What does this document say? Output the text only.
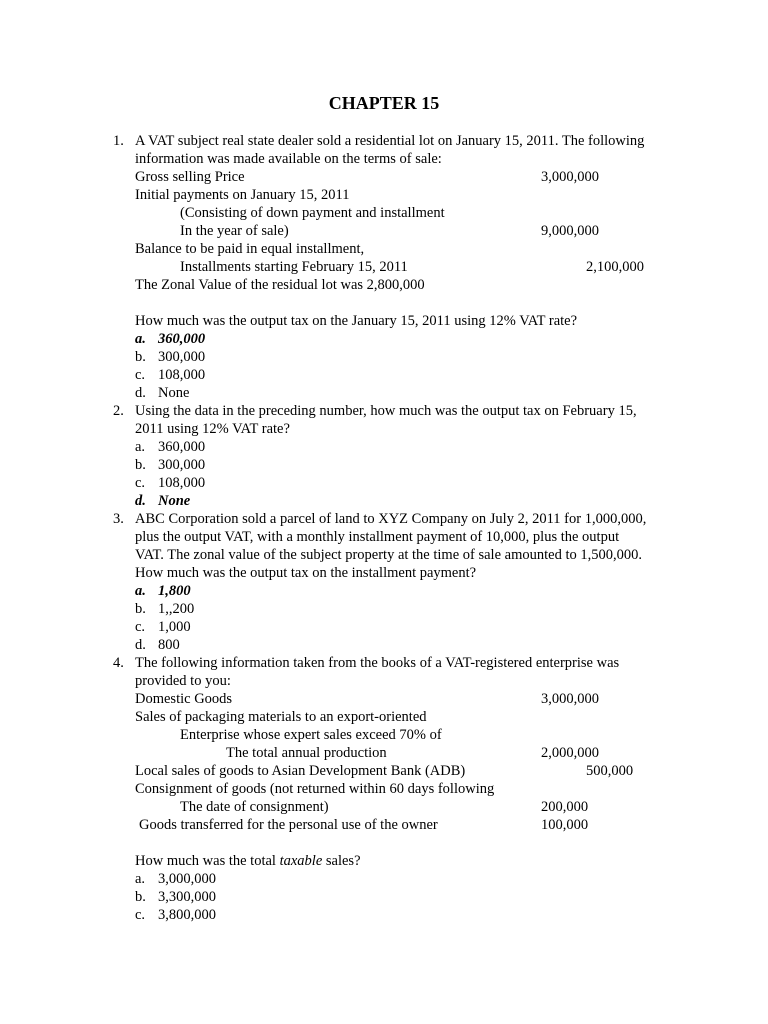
CHAPTER 15
1. A VAT subject real state dealer sold a residential lot on January 15, 2011. The following
information was made available on the terms of sale:
Gross selling Price	3,000,000
Initial payments on January 15, 2011
(Consisting of down payment and installment
In the year of sale)	9,000,000
Balance to be paid in equal installment,
Installments starting February 15, 2011	2,100,000
The Zonal Value of the residual lot was 2,800,000
How much was the output tax on the January 15, 2011 using 12% VAT rate?
a. 360,000
b. 300,000
c. 108,000
d. None
2. Using the data in the preceding number, how much was the output tax on February 15,
2011 using 12% VAT rate?
a. 360,000
b. 300,000
c. 108,000
d. None
3. ABC Corporation sold a parcel of land to XYZ Company on July 2, 2011 for 1,000,000,
plus the output VAT, with a monthly installment payment of 10,000, plus the output
VAT. The zonal value of the subject property at the time of sale amounted to 1,500,000.
How much was the output tax on the installment payment?
a. 1,800
b. 1,,200
c. 1,000
d. 800
4. The following information taken from the books of a VAT-registered enterprise was
provided to you:
Domestic Goods	3,000,000
Sales of packaging materials to an export-oriented
Enterprise whose expert sales exceed 70% of
The total annual production	2,000,000
Local sales of goods to Asian Development Bank (ADB)	500,000
Consignment of goods (not returned within 60 days following
The date of consignment)	200,000
Goods transferred for the personal use of the owner	100,000
How much was the total taxable sales?
a. 3,000,000
b. 3,300,000
c. 3,800,000
